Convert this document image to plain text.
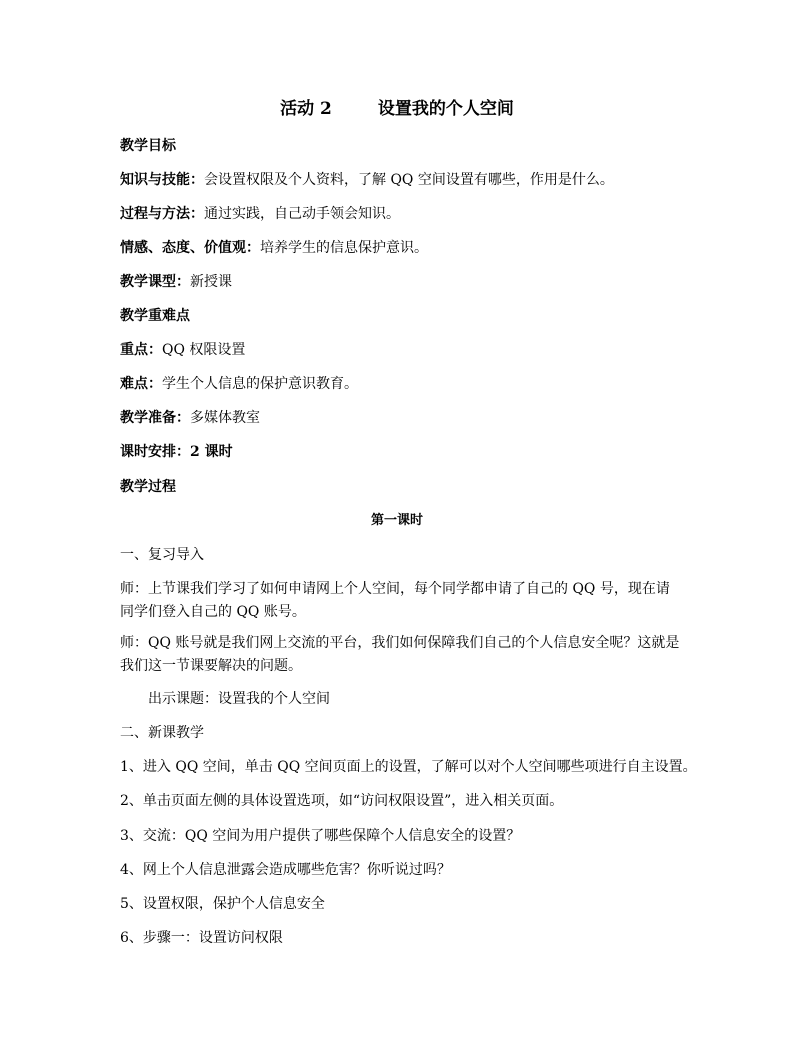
活动 2	设置我的个人空间
教学目标
知识与技能：会设置权限及个人资料，了解 QQ 空间设置有哪些，作用是什么。
过程与方法：通过实践，自己动手领会知识。
情感、态度、价值观：培养学生的信息保护意识。
教学课型：新授课
教学重难点
重点：QQ 权限设置
难点：学生个人信息的保护意识教育。
教学准备：多媒体教室
课时安排：2 课时
教学过程
第一课时
一、复习导入
师：上节课我们学习了如何申请网上个人空间，每个同学都申请了自己的 QQ 号，现在请同学们登入自己的 QQ 账号。
师：QQ 账号就是我们网上交流的平台，我们如何保障我们自己的个人信息安全呢？这就是我们这一节课要解决的问题。
出示课题：设置我的个人空间
二、新课教学
1、进入 QQ 空间，单击 QQ 空间页面上的设置，了解可以对个人空间哪些项进行自主设置。
2、单击页面左侧的具体设置选项，如“访问权限设置”，进入相关页面。
3、交流：QQ 空间为用户提供了哪些保障个人信息安全的设置？
4、网上个人信息泄露会造成哪些危害？你听说过吗？
5、设置权限，保护个人信息安全
6、步骤一：设置访问权限
